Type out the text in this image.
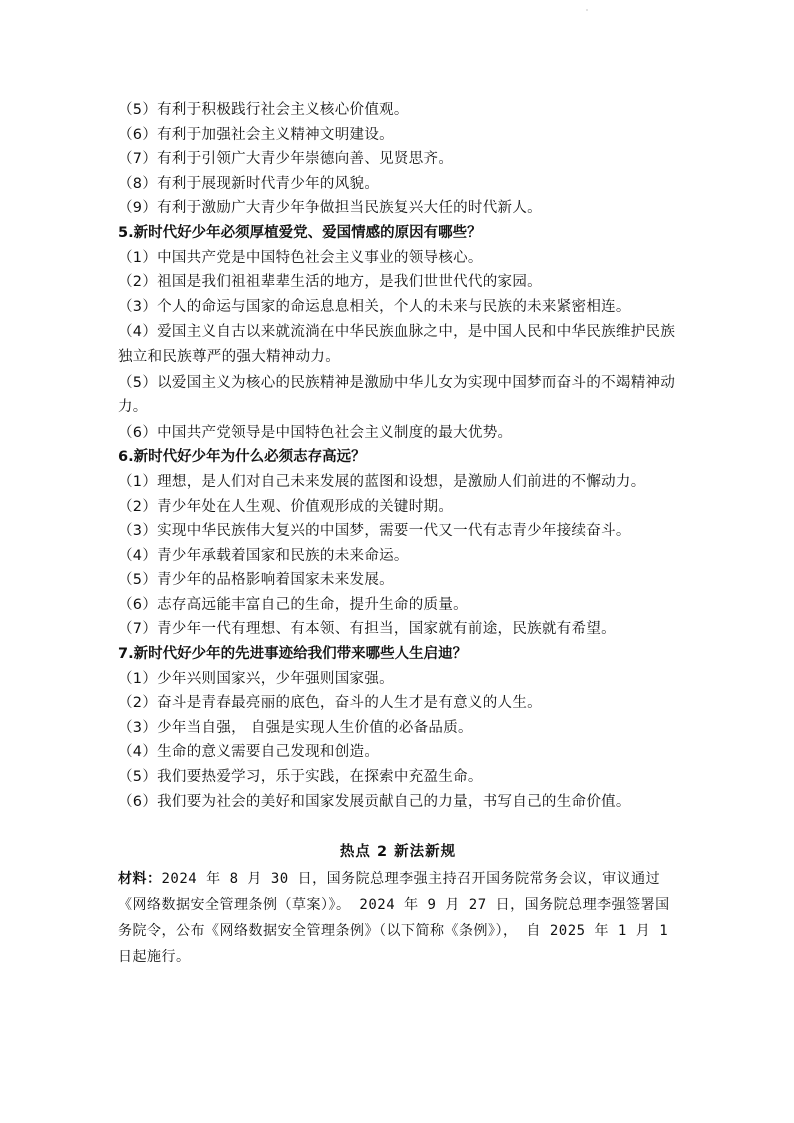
（5）有利于积极践行社会主义核心价值观。
（6）有利于加强社会主义精神文明建设。
（7）有利于引领广大青少年崇德向善、见贤思齐。
（8）有利于展现新时代青少年的风貌。
（9）有利于激励广大青少年争做担当民族复兴大任的时代新人。
5.新时代好少年必须厚植爱党、爱国情感的原因有哪些？
（1）中国共产党是中国特色社会主义事业的领导核心。
（2）祖国是我们祖祖辈辈生活的地方，是我们世世代代的家园。
（3）个人的命运与国家的命运息息相关，个人的未来与民族的未来紧密相连。
（4）爱国主义自古以来就流淌在中华民族血脉之中，是中国人民和中华民族维护民族独立和民族尊严的强大精神动力。
（5）以爱国主义为核心的民族精神是激励中华儿女为实现中国梦而奋斗的不竭精神动力。
（6）中国共产党领导是中国特色社会主义制度的最大优势。
6.新时代好少年为什么必须志存高远？
（1）理想，是人们对自己未来发展的蓝图和设想，是激励人们前进的不懈动力。
（2）青少年处在人生观、价值观形成的关键时期。
（3）实现中华民族伟大复兴的中国梦，需要一代又一代有志青少年接续奋斗。
（4）青少年承载着国家和民族的未来命运。
（5）青少年的品格影响着国家未来发展。
（6）志存高远能丰富自己的生命，提升生命的质量。
（7）青少年一代有理想、有本领、有担当，国家就有前途，民族就有希望。
7.新时代好少年的先进事迹给我们带来哪些人生启迪？
（1）少年兴则国家兴，少年强则国家强。
（2）奋斗是青春最亮丽的底色，奋斗的人生才是有意义的人生。
（3）少年当自强， 自强是实现人生价值的必备品质。
（4）生命的意义需要自己发现和创造。
（5）我们要热爱学习，乐于实践，在探索中充盈生命。
（6）我们要为社会的美好和国家发展贡献自己的力量，书写自己的生命价值。
热点 2 新法新规
材料：2024 年 8 月 30 日，国务院总理李强主持召开国务院常务会议，审议通过《网络数据安全管理条例（草案）》。 2024 年 9 月 27 日，国务院总理李强签署国务院令，公布《网络数据安全管理条例》（以下简称《条例》）， 自 2025 年 1 月 1 日起施行。
